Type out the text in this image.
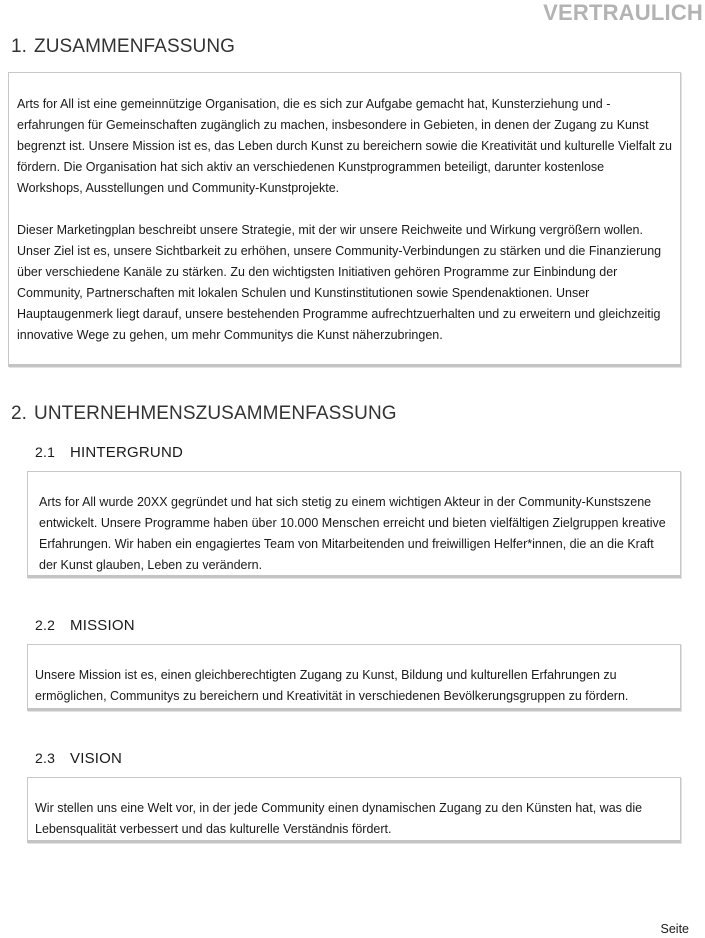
VERTRAULICH
1. ZUSAMMENFASSUNG

Arts for All ist eine gemeinnützige Organisation, die es sich zur Aufgabe gemacht hat, Kunsterziehung und -erfahrungen für Gemeinschaften zugänglich zu machen, insbesondere in Gebieten, in denen der Zugang zu Kunst begrenzt ist. Unsere Mission ist es, das Leben durch Kunst zu bereichern sowie die Kreativität und kulturelle Vielfalt zu fördern. Die Organisation hat sich aktiv an verschiedenen Kunstprogrammen beteiligt, darunter kostenlose Workshops, Ausstellungen und Community-Kunstprojekte.

Dieser Marketingplan beschreibt unsere Strategie, mit der wir unsere Reichweite und Wirkung vergrößern wollen. Unser Ziel ist es, unsere Sichtbarkeit zu erhöhen, unsere Community-Verbindungen zu stärken und die Finanzierung über verschiedene Kanäle zu stärken. Zu den wichtigsten Initiativen gehören Programme zur Einbindung der Community, Partnerschaften mit lokalen Schulen und Kunstinstitutionen sowie Spendenaktionen. Unser Hauptaugenmerk liegt darauf, unsere bestehenden Programme aufrechtzuerhalten und zu erweitern und gleichzeitig innovative Wege zu gehen, um mehr Communitys die Kunst näherzubringen.

2. UNTERNEHMENSZUSAMMENFASSUNG
2.1 HINTERGRUND

Arts for All wurde 20XX gegründet und hat sich stetig zu einem wichtigen Akteur in der Community-Kunstszene entwickelt. Unsere Programme haben über 10.000 Menschen erreicht und bieten vielfältigen Zielgruppen kreative Erfahrungen. Wir haben ein engagiertes Team von Mitarbeitenden und freiwilligen Helfer*innen, die an die Kraft der Kunst glauben, Leben zu verändern.

2.2 MISSION

Unsere Mission ist es, einen gleichberechtigten Zugang zu Kunst, Bildung und kulturellen Erfahrungen zu ermöglichen, Communitys zu bereichern und Kreativität in verschiedenen Bevölkerungsgruppen zu fördern.

2.3 VISION

Wir stellen uns eine Welt vor, in der jede Community einen dynamischen Zugang zu den Künsten hat, was die Lebensqualität verbessert und das kulturelle Verständnis fördert.

Seite
